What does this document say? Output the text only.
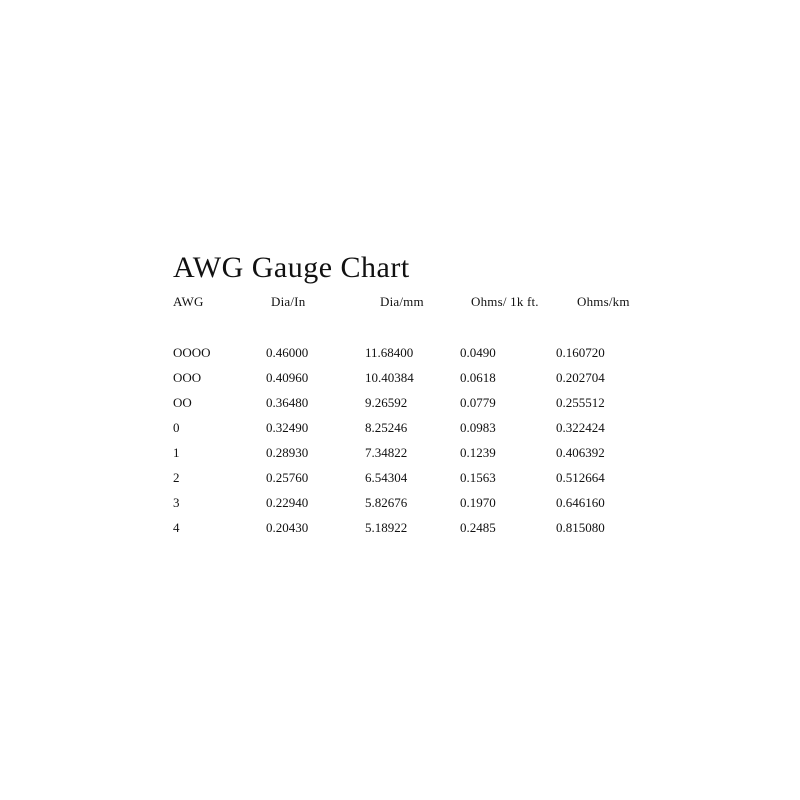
AWG Gauge Chart
AWG	Dia/In	Dia/mm	Ohms/ 1k ft.	Ohms/km
OOOO	0.46000	11.68400	0.0490	0.160720
OOO	0.40960	10.40384	0.0618	0.202704
OO	0.36480	9.26592	0.0779	0.255512
0	0.32490	8.25246	0.0983	0.322424
1	0.28930	7.34822	0.1239	0.406392
2	0.25760	6.54304	0.1563	0.512664
3	0.22940	5.82676	0.1970	0.646160
4	0.20430	5.18922	0.2485	0.815080
